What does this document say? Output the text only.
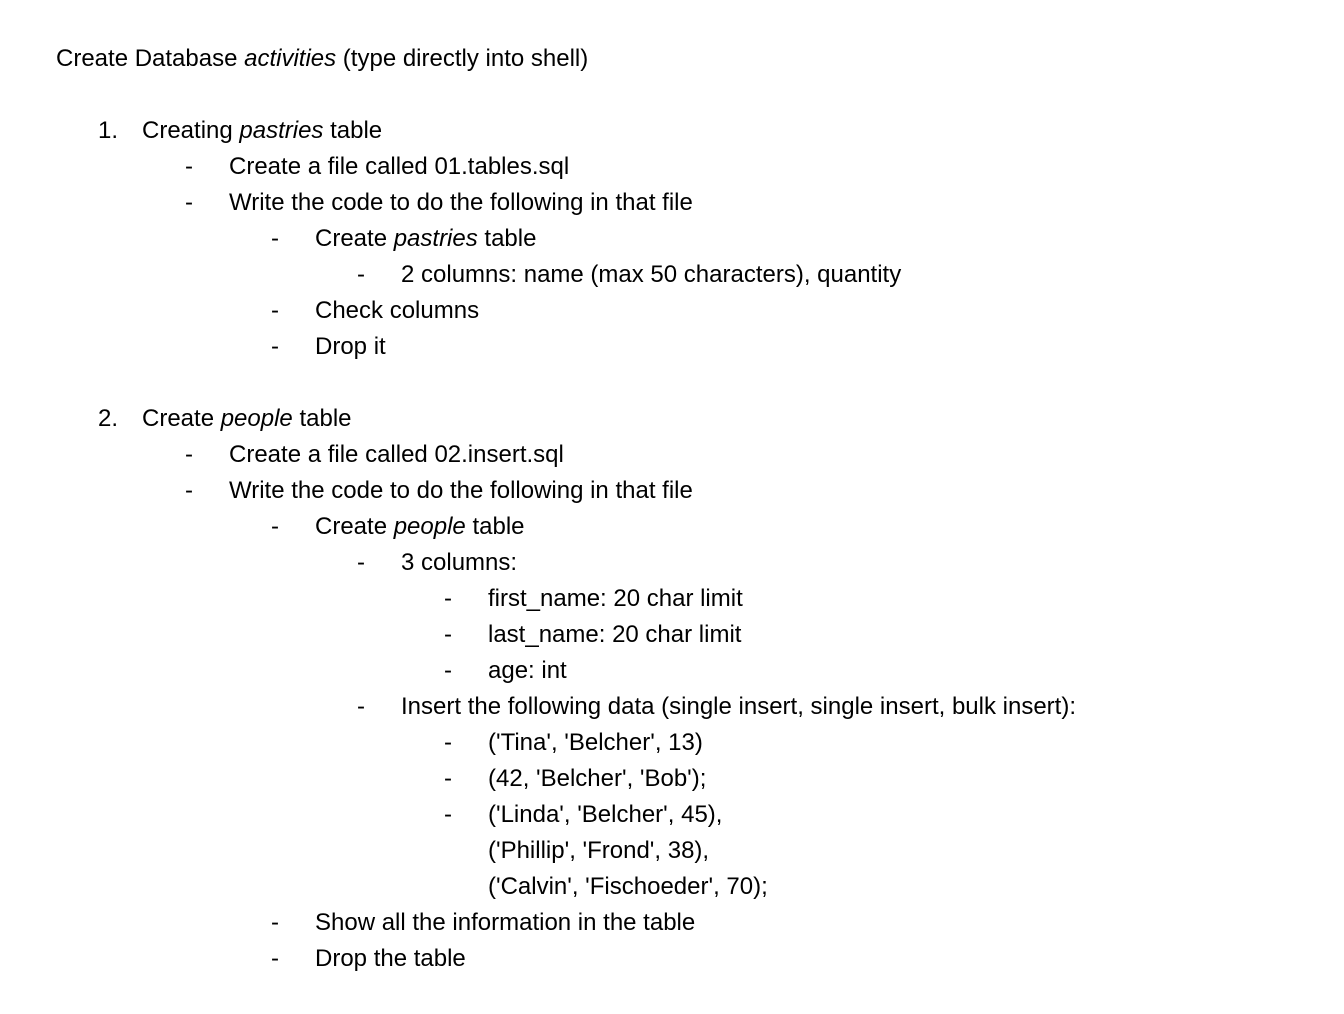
Create Database activities (type directly into shell)
1. Creating pastries table
- Create a file called 01.tables.sql
- Write the code to do the following in that file
- Create pastries table
- 2 columns: name (max 50 characters), quantity
- Check columns
- Drop it
2. Create people table
- Create a file called 02.insert.sql
- Write the code to do the following in that file
- Create people table
- 3 columns:
- first_name: 20 char limit
- last_name: 20 char limit
- age: int
- Insert the following data (single insert, single insert, bulk insert):
- ('Tina', 'Belcher', 13)
- (42, 'Belcher', 'Bob');
- ('Linda', 'Belcher', 45),
('Phillip', 'Frond', 38),
('Calvin', 'Fischoeder', 70);
- Show all the information in the table
- Drop the table
